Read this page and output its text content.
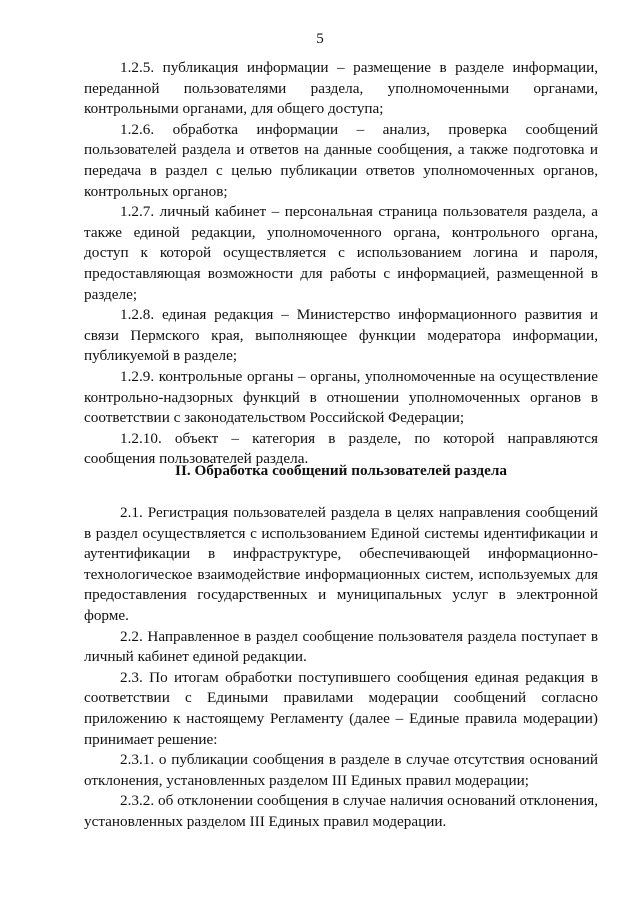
5

1.2.5. публикация информации – размещение в разделе информации, переданной пользователями раздела, уполномоченными органами, контрольными органами, для общего доступа;

1.2.6. обработка информации – анализ, проверка сообщений пользователей раздела и ответов на данные сообщения, а также подготовка и передача в раздел с целью публикации ответов уполномоченных органов, контрольных органов;

1.2.7. личный кабинет – персональная страница пользователя раздела, а также единой редакции, уполномоченного органа, контрольного органа, доступ к которой осуществляется с использованием логина и пароля, предоставляющая возможности для работы с информацией, размещенной в разделе;

1.2.8. единая редакция – Министерство информационного развития и связи Пермского края, выполняющее функции модератора информации, публикуемой в разделе;

1.2.9. контрольные органы – органы, уполномоченные на осуществление контрольно-надзорных функций в отношении уполномоченных органов в соответствии с законодательством Российской Федерации;

1.2.10. объект – категория в разделе, по которой направляются сообщения пользователей раздела.

II. Обработка сообщений пользователей раздела

2.1. Регистрация пользователей раздела в целях направления сообщений в раздел осуществляется с использованием Единой системы идентификации и аутентификации в инфраструктуре, обеспечивающей информационно-технологическое взаимодействие информационных систем, используемых для предоставления государственных и муниципальных услуг в электронной форме.

2.2. Направленное в раздел сообщение пользователя раздела поступает в личный кабинет единой редакции.

2.3. По итогам обработки поступившего сообщения единая редакция в соответствии с Едиными правилами модерации сообщений согласно приложению к настоящему Регламенту (далее – Единые правила модерации) принимает решение:

2.3.1. о публикации сообщения в разделе в случае отсутствия оснований отклонения, установленных разделом III Единых правил модерации;

2.3.2. об отклонении сообщения в случае наличия оснований отклонения, установленных разделом III Единых правил модерации.
